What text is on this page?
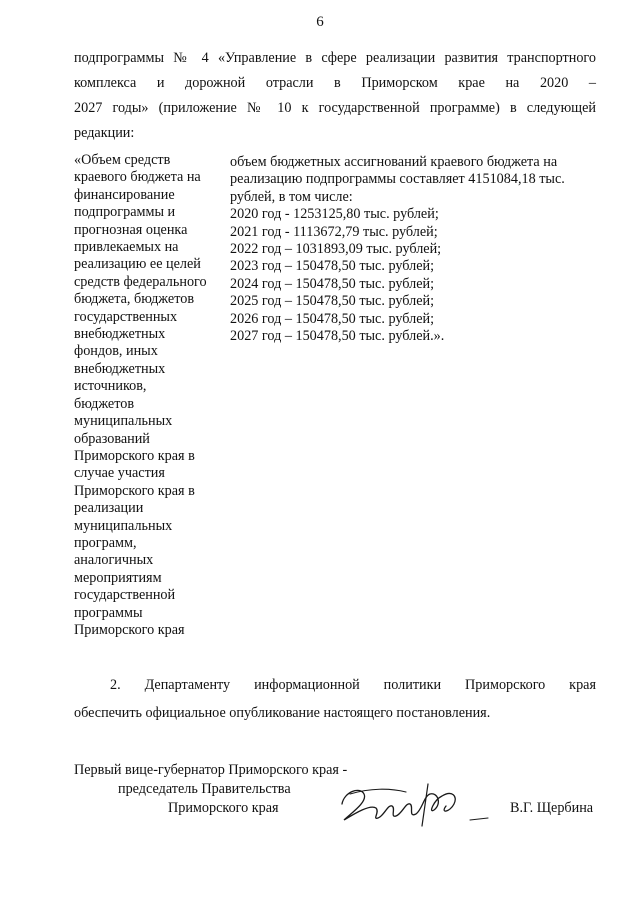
6
подпрограммы № 4 «Управление в сфере реализации развития транспортного
комплекса и дорожной отрасли в Приморском крае на 2020 –
2027 годы» (приложение № 10 к государственной программе) в следующей
редакции:
«Объем средств
краевого бюджета на
финансирование
подпрограммы и
прогнозная оценка
привлекаемых на
реализацию ее целей
средств федерального
бюджета, бюджетов
государственных
внебюджетных
фондов, иных
внебюджетных
источников,
бюджетов
муниципальных
образований
Приморского края в
случае участия
Приморского края в
реализации
муниципальных
программ,
аналогичных
мероприятиям
государственной
программы
Приморского края
объем бюджетных ассигнований краевого бюджета на
реализацию подпрограммы составляет 4151084,18 тыс.
рублей, в том числе:
2020 год - 1253125,80 тыс. рублей;
2021 год - 1113672,79 тыс. рублей;
2022 год – 1031893,09 тыс. рублей;
2023 год – 150478,50 тыс. рублей;
2024 год – 150478,50 тыс. рублей;
2025 год – 150478,50 тыс. рублей;
2026 год – 150478,50 тыс. рублей;
2027 год – 150478,50 тыс. рублей.».
2. Департаменту информационной политики Приморского края
обеспечить официальное опубликование настоящего постановления.
Первый вице-губернатор Приморского края -
председатель Правительства
Приморского края	В.Г. Щербина
